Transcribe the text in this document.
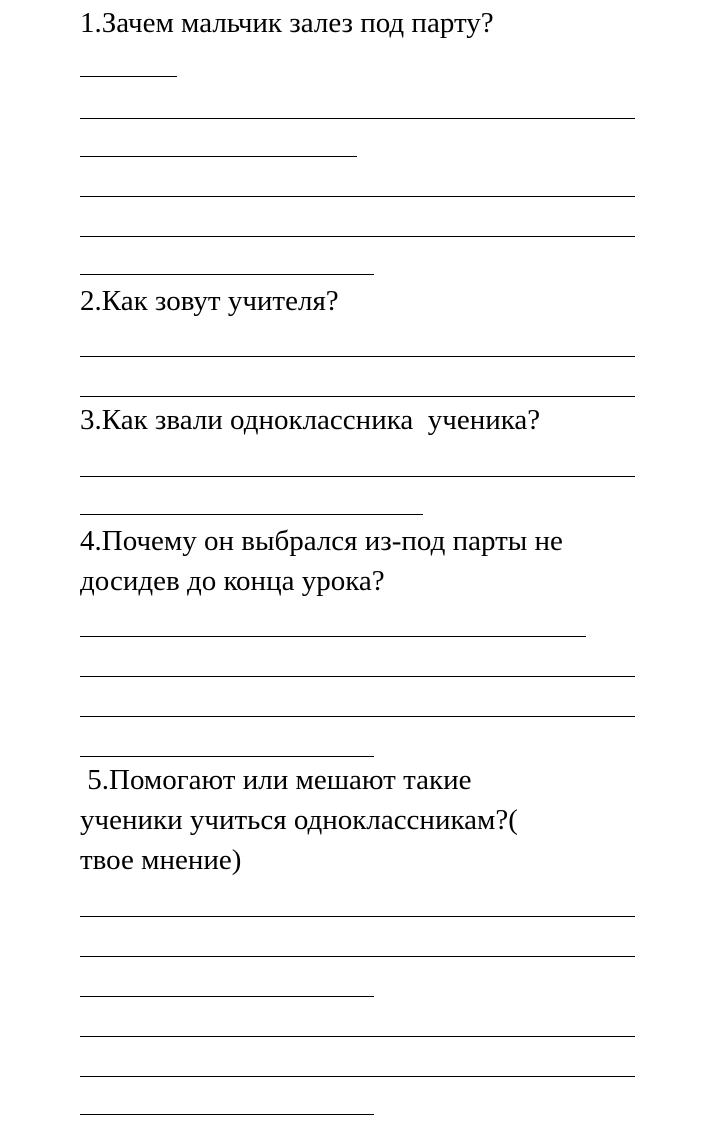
1.Зачем мальчик залез под парту?

2.Как зовут учителя?

3.Как звали одноклассника  ученика?

4.Почему он выбрался из-под парты не

досидев до конца урока?

5.Помогают или мешают такие

ученики учиться одноклассникам?(

твое мнение)
